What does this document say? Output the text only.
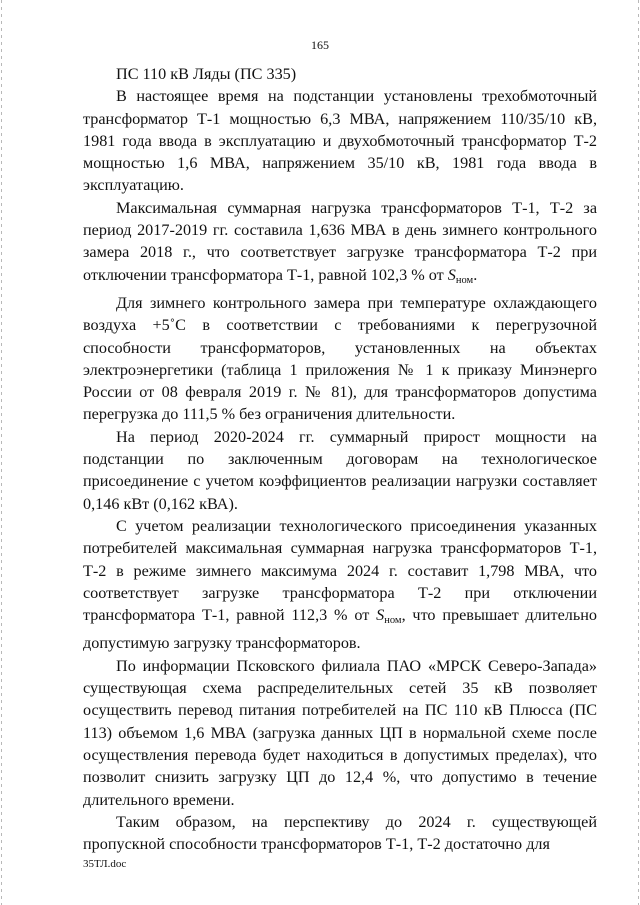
165
ПС 110 кВ Ляды (ПС 335)

В настоящее время на подстанции установлены трехобмоточный трансформатор Т-1 мощностью 6,3 МВА, напряжением 110/35/10 кВ, 1981 года ввода в эксплуатацию и двухобмоточный трансформатор Т-2 мощностью 1,6 МВА, напряжением 35/10 кВ, 1981 года ввода в эксплуатацию.

Максимальная суммарная нагрузка трансформаторов Т-1, Т-2 за период 2017-2019 гг. составила 1,636 МВА в день зимнего контрольного замера 2018 г., что соответствует загрузке трансформатора Т-2 при отключении трансформатора Т-1, равной 102,3 % от $S_{ном}$.

Для зимнего контрольного замера при температуре охлаждающего воздуха +5˚С в соответствии с требованиями к перегрузочной способности трансформаторов, установленных на объектах электроэнергетики (таблица 1 приложения № 1 к приказу Минэнерго России от 08 февраля 2019 г. № 81), для трансформаторов допустима перегрузка до 111,5 % без ограничения длительности.

На период 2020-2024 гг. суммарный прирост мощности на подстанции по заключенным договорам на технологическое присоединение с учетом коэффициентов реализации нагрузки составляет 0,146 кВт (0,162 кВА).

С учетом реализации технологического присоединения указанных потребителей максимальная суммарная нагрузка трансформаторов Т-1, Т-2 в режиме зимнего максимума 2024 г. составит 1,798 МВА, что соответствует загрузке трансформатора Т-2 при отключении трансформатора Т-1, равной 112,3 % от $S_{ном}$, что превышает длительно допустимую загрузку трансформаторов.

По информации Псковского филиала ПАО «МРСК Северо-Запада» существующая схема распределительных сетей 35 кВ позволяет осуществить перевод питания потребителей на ПС 110 кВ Плюсса (ПС 113) объемом 1,6 МВА (загрузка данных ЦП в нормальной схеме после осуществления перевода будет находиться в допустимых пределах), что позволит снизить загрузку ЦП до 12,4 %, что допустимо в течение длительного времени.

Таким образом, на перспективу до 2024 г. существующей пропускной способности трансформаторов Т-1, Т-2 достаточно для

35ТЛ.doc
